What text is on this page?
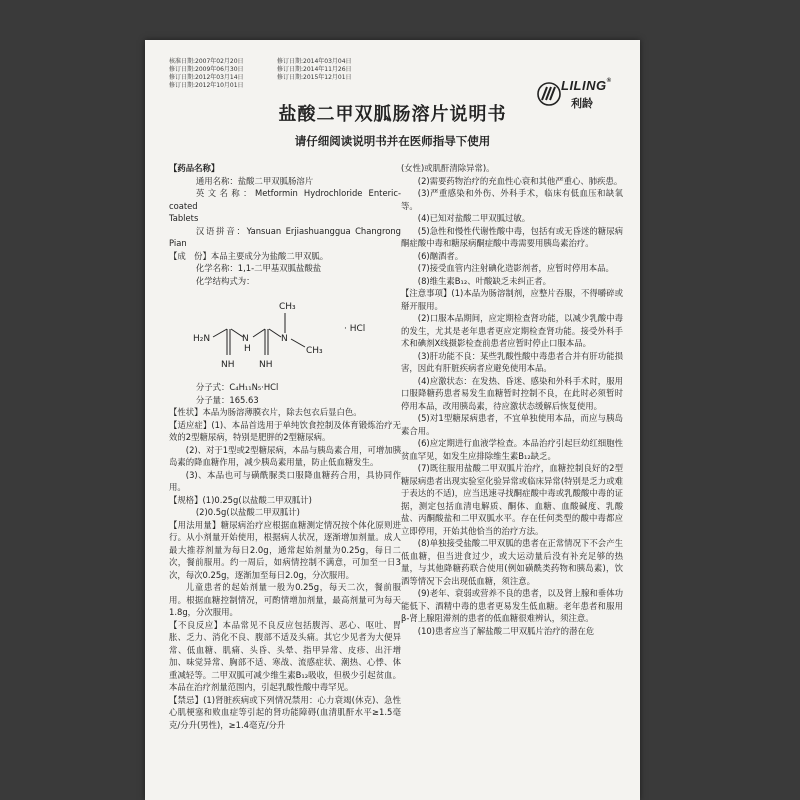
核准日期:2007年02月20日	修订日期:2014年03月04日
修订日期:2009年06月30日	修订日期:2014年11月26日
修订日期:2012年03月14日	修订日期:2015年12月01日
修订日期:2012年10月01日	LILING®
利龄
盐酸二甲双胍肠溶片说明书
请仔细阅读说明书并在医师指导下使用

【药品名称】

通用名称：盐酸二甲双胍肠溶片

英文名称：Metformin Hydrochloride Enteric-coated

Tablets

汉语拼音：Yansuan Erjiashuanggua Changrong Pian

【成　份】本品主要成分为盐酸二甲双胍。

化学名称：1,1-二甲基双胍盐酸盐

化学结构式为：

H₂N	N
H
N
NH	NH
CH₃
CH₃
· HCl

分子式：C₄H₁₁N₅·HCl

分子量：165.63

【性状】本品为肠溶薄膜衣片，除去包衣后显白色。

【适应症】(1)、本品首选用于单纯饮食控制及体育锻炼治疗无效的2型糖尿病，特别是肥胖的2型糖尿病。

(2)、对于1型或2型糖尿病，本品与胰岛素合用，可增加胰岛素的降血糖作用，减少胰岛素用量，防止低血糖发生。

(3)、本品也可与磺酰脲类口服降血糖药合用，具协同作用。

【规格】(1)0.25g(以盐酸二甲双胍计)

(2)0.5g(以盐酸二甲双胍计)

【用法用量】糖尿病治疗应根据血糖测定情况按个体化原则进行。从小剂量开始使用，根据病人状况，逐渐增加剂量。成人最大推荐剂量为每日2.0g，通常起始剂量为0.25g，每日二次，餐前服用。约一周后，如病情控制不满意，可加至一日3次，每次0.25g，逐渐加至每日2.0g，分次服用。

儿童患者的起始剂量一般为0.25g，每天二次，餐前服用。根据血糖控制情况，可酌情增加剂量，最高剂量可为每天1.8g，分次服用。

【不良反应】本品常见不良反应包括腹泻、恶心、呕吐、胃胀、乏力、消化不良、腹部不适及头痛。其它少见者为大便异常、低血糖、肌痛、头昏、头晕、指甲异常、皮疹、出汗增加、味觉异常、胸部不适、寒战、流感症状、潮热、心悸、体重减轻等。二甲双胍可减少维生素B₁₂吸收，但极少引起贫血。本品在治疗剂量范围内，引起乳酸性酸中毒罕见。

【禁忌】(1)肾脏疾病或下列情况禁用：心力衰竭(休克)、急性心肌梗塞和败血症等引起的肾功能障碍(血清肌酐水平≥1.5毫克/分升(男性)，≥1.4毫克/分升

(女性)或肌酐清除异常)。

(2)需要药物治疗的充血性心衰和其他严重心、肺疾患。

(3)严重感染和外伤、外科手术，临床有低血压和缺氧等。

(4)已知对盐酸二甲双胍过敏。

(5)急性和慢性代谢性酸中毒，包括有或无昏迷的糖尿病酮症酸中毒和糖尿病酮症酸中毒需要用胰岛素治疗。

(6)酗酒者。

(7)接受血管内注射碘化造影剂者，应暂时停用本品。

(8)维生素B₁₂、叶酸缺乏未纠正者。

【注意事项】(1)本品为肠溶制剂，应整片吞服，不得嚼碎或掰开服用。

(2)口服本品期间，应定期检查肾功能，以减少乳酸中毒的发生，尤其是老年患者更应定期检查肾功能。接受外科手术和碘剂X线摄影检查前患者应暂时停止口服本品。

(3)肝功能不良：某些乳酸性酸中毒患者合并有肝功能损害，因此有肝脏疾病者应避免使用本品。

(4)应激状态：在发热、昏迷、感染和外科手术时，服用口服降糖药患者易发生血糖暂时控制不良，在此时必须暂时停用本品，改用胰岛素，待应激状态缓解后恢复使用。

(5)对1型糖尿病患者，不宜单独使用本品，而应与胰岛素合用。

(6)应定期进行血液学检查。本品治疗引起巨幼红细胞性贫血罕见，如发生应排除维生素B₁₂缺乏。

(7)既往服用盐酸二甲双胍片治疗，血糖控制良好的2型糖尿病患者出现实验室化验异常或临床异常(特别是乏力或难于表达的不适)，应当迅速寻找酮症酸中毒或乳酸酸中毒的证据，测定包括血清电解质、酮体、血糖、血酸碱度、乳酸盐、丙酮酸盐和二甲双胍水平。存在任何类型的酸中毒都应立即停用，开始其他恰当的治疗方法。

(8)单独接受盐酸二甲双胍的患者在正常情况下不会产生低血糖，但当进食过少，或大运动量后没有补充足够的热量，与其他降糖药联合使用(例如磺酰类药物和胰岛素)，饮酒等情况下会出现低血糖，须注意。

(9)老年、衰弱或营养不良的患者，以及肾上腺和垂体功能低下、酒精中毒的患者更易发生低血糖。老年患者和服用β-肾上腺阻滞剂的患者的低血糖很难辨认，须注意。

(10)患者应当了解盐酸二甲双胍片治疗的潜在危
